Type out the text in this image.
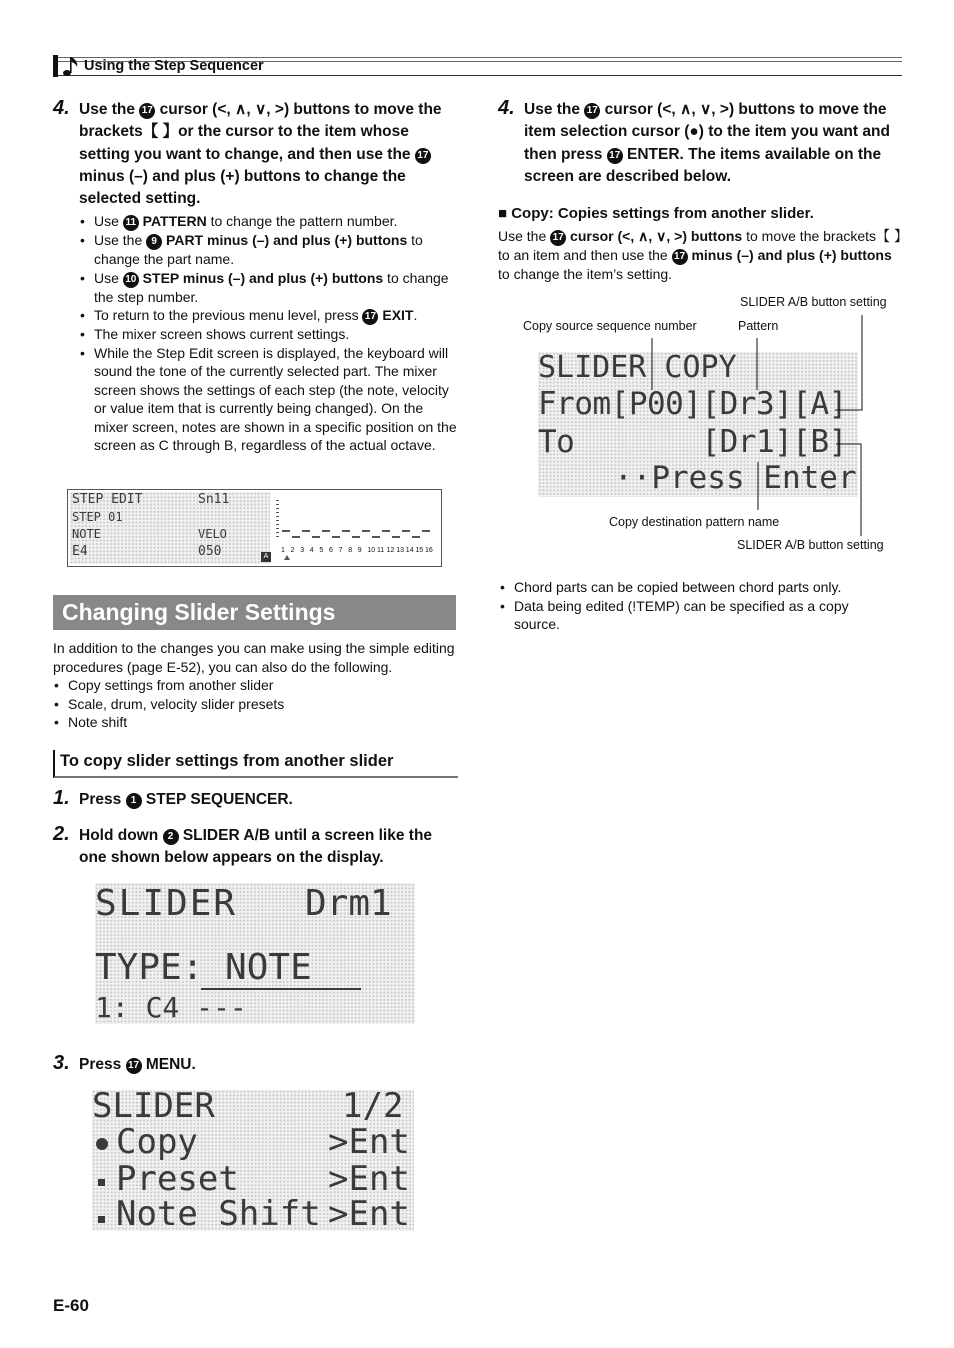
Using the Step Sequencer
4. Use the 17 cursor (<, ∧, ∨, >) buttons to move the brackets【 】or the cursor to the item whose setting you want to change, and then use the 17 minus (–) and plus (+) buttons to change the selected setting.
• Use 11 PATTERN to change the pattern number.
• Use the 9 PART minus (–) and plus (+) buttons to change the part name.
• Use 10 STEP minus (–) and plus (+) buttons to change the step number.
• To return to the previous menu level, press 17 EXIT.
• The mixer screen shows current settings.
• While the Step Edit screen is displayed, the keyboard will sound the tone of the currently selected part. The mixer screen shows the settings of each step (the note, velocity or value item that is currently being changed). On the mixer screen, notes are shown in a specific position on the screen as C through B, regardless of the actual octave.
STEP EDIT	Sn11
STEP 01
NOTE	VELO
E4	050	A
1 2 3 4 5 6 7 8 9 10 11 12 13 14 15 16
Changing Slider Settings
In addition to the changes you can make using the simple editing procedures (page E-52), you can also do the following.
• Copy settings from another slider
• Scale, drum, velocity slider presets
• Note shift
To copy slider settings from another slider
1. Press 1 STEP SEQUENCER.
2. Hold down 2 SLIDER A/B until a screen like the one shown below appears on the display.
SLIDER Drm1
TYPE: NOTE
1: C4 ---
3. Press 17 MENU.
SLIDER	1/2
Copy	>Ent
Preset	>Ent
Note Shift >Ent
4. Use the 17 cursor (<, ∧, ∨, >) buttons to move the item selection cursor (●) to the item you want and then press 17 ENTER. The items available on the screen are described below.
■ Copy: Copies settings from another slider.
Use the 17 cursor (<, ∧, ∨, >) buttons to move the brackets【 】to an item and then use the 17 minus (–) and plus (+) buttons to change the item’s setting.
SLIDER A/B button setting
Copy source sequence number	Pattern
Copy destination pattern name
SLIDER A/B button setting
SLIDER COPY
From[P00][Dr3][A]
To       [Dr1][B]
··Press Enter
• Chord parts can be copied between chord parts only.
• Data being edited (!TEMP) can be specified as a copy source.
E-60
